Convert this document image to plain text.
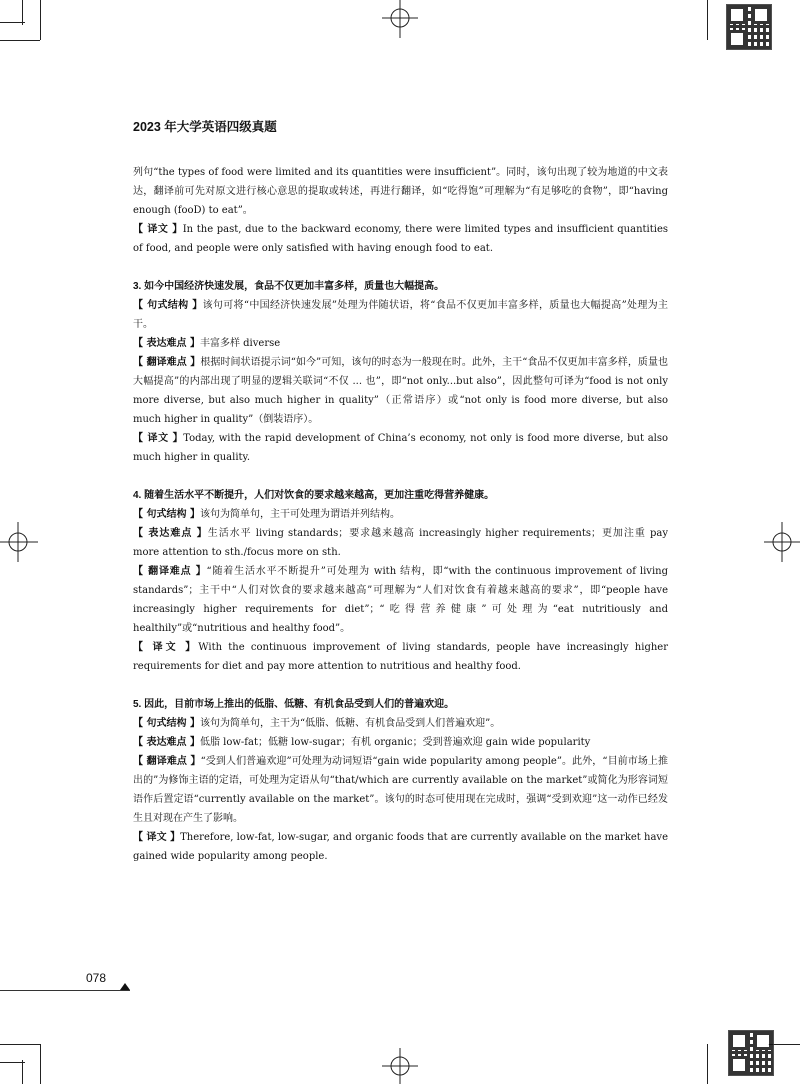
2023 年大学英语四级真题

列句“the types of food were limited and its quantities were insufficient”。同时，该句出现了较为地道的中文表达，翻译前可先对原文进行核心意思的提取或转述，再进行翻译，如“吃得饱”可理解为“有足够吃的食物”，即“having enough (fooD) to eat”。

【 译文 】In the past, due to the backward economy, there were limited types and insufficient quantities of food, and people were only satisfied with having enough food to eat.

3. 如今中国经济快速发展，食品不仅更加丰富多样，质量也大幅提高。

【 句式结构 】该句可将“中国经济快速发展”处理为伴随状语，将“食品不仅更加丰富多样，质量也大幅提高”处理为主干。

【 表达难点 】丰富多样 diverse

【 翻译难点 】根据时间状语提示词“如今”可知，该句的时态为一般现在时。此外，主干“食品不仅更加丰富多样，质量也大幅提高”的内部出现了明显的逻辑关联词“不仅 ... 也”，即“not only...but also”，因此整句可译为“food is not only more diverse, but also much higher in quality”（正常语序）或“not only is food more diverse, but also much higher in quality”（倒装语序）。

【 译文 】Today, with the rapid development of China’s economy, not only is food more diverse, but also much higher in quality.

4. 随着生活水平不断提升，人们对饮食的要求越来越高，更加注重吃得营养健康。

【 句式结构 】该句为简单句，主干可处理为谓语并列结构。

【 表达难点 】生活水平 living standards；要求越来越高 increasingly higher requirements；更加注重 pay more attention to sth./focus more on sth.

【 翻译难点 】“随着生活水平不断提升”可处理为 with 结构，即“with the continuous improvement of living standards”；主干中“人们对饮食的要求越来越高”可理解为“人们对饮食有着越来越高的要求”，即“people have increasingly higher requirements for diet”；“吃得营养健康”可处理为“eat nutritiously and healthily”或“nutritious and healthy food”。

【 译文 】With the continuous improvement of living standards, people have increasingly higher requirements for diet and pay more attention to nutritious and healthy food.

5. 因此，目前市场上推出的低脂、低糖、有机食品受到人们的普遍欢迎。

【 句式结构 】该句为简单句，主干为“低脂、低糖、有机食品受到人们普遍欢迎”。

【 表达难点 】低脂 low-fat；低糖 low-sugar；有机 organic；受到普遍欢迎 gain wide popularity

【 翻译难点 】“受到人们普遍欢迎”可处理为动词短语“gain wide popularity among people”。此外，“目前市场上推出的”为修饰主语的定语，可处理为定语从句“that/which are currently available on the market”或简化为形容词短语作后置定语“currently available on the market”。该句的时态可使用现在完成时，强调“受到欢迎”这一动作已经发生且对现在产生了影响。

【 译文 】Therefore, low-fat, low-sugar, and organic foods that are currently available on the market have gained wide popularity among people.

078
